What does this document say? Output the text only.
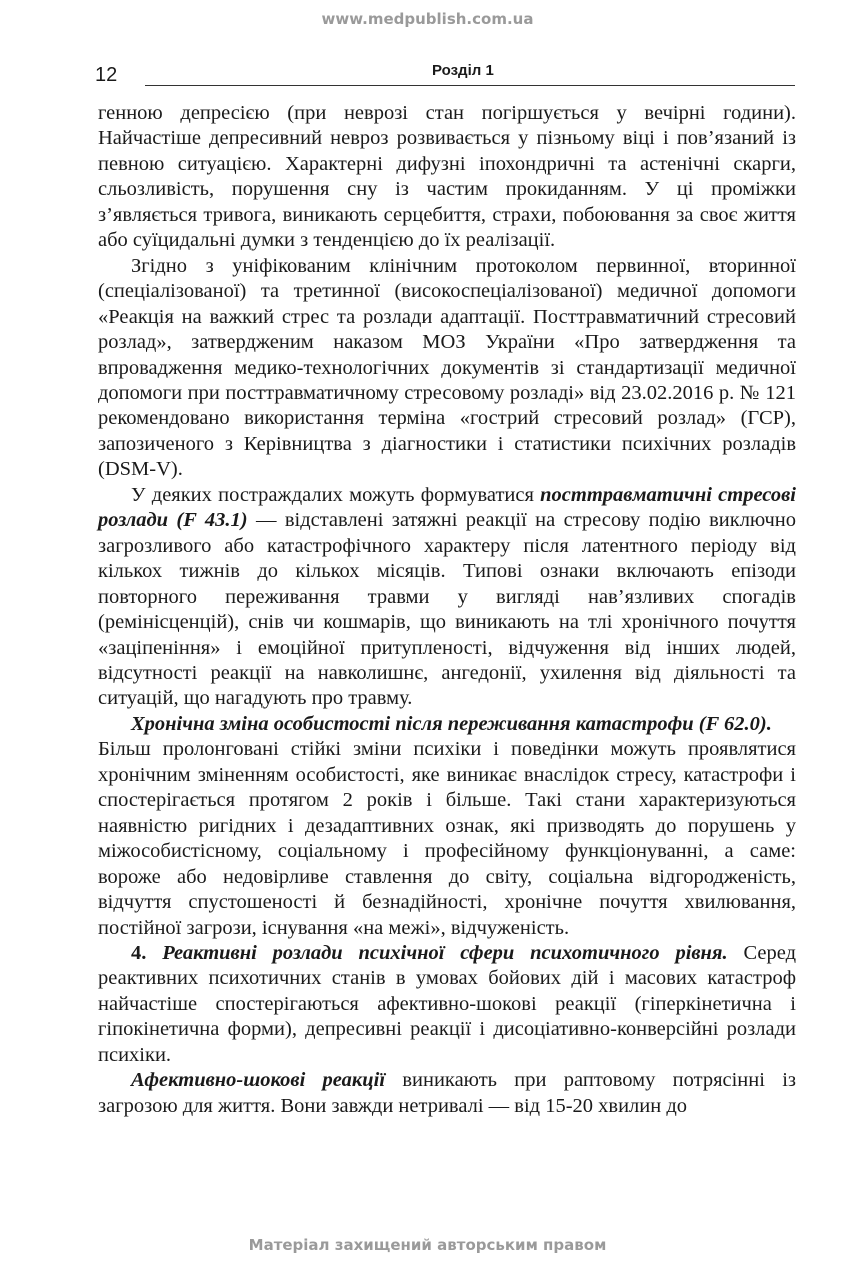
www.medpublish.com.ua
12	Розділ 1

генною депресією (при неврозі стан погіршується у вечірні години). Найчастіше депресивний невроз розвивається у пізньому віці і пов’язаний із певною ситуацією. Характерні дифузні іпохондричні та астенічні скарги, сльозливість, порушення сну із частим прокиданням. У ці проміжки з’являється тривога, виникають серцебиття, страхи, побоювання за своє життя або суїцидальні думки з тенденцією до їх реалізації.

Згідно з уніфікованим клінічним протоколом первинної, вторинної (спеціалізованої) та третинної (високоспеціалізованої) медичної допомоги «Реакція на важкий стрес та розлади адаптації. Посттравматичний стресовий розлад», затвердженим наказом МОЗ України «Про затвердження та впровадження медико-технологічних документів зі стандартизації медичної допомоги при посттравматичному стресовому розладі» від 23.02.2016 р. № 121 рекомендовано використання терміна «гострий стресовий розлад» (ГСР), запозиченого з Керівництва з діагностики і статистики психічних розладів (DSM-V).

У деяких постраждалих можуть формуватися посттравматичні стресові розлади (F 43.1) — відставлені затяжні реакції на стресову подію виключно загрозливого або катастрофічного характеру після латентного періоду від кількох тижнів до кількох місяців. Типові ознаки включають епізоди повторного переживання травми у вигляді нав’язливих спогадів (ремінісценцій), снів чи кошмарів, що виникають на тлі хронічного почуття «заціпеніння» і емоційної притупленості, відчуження від інших людей, відсутності реакції на навколишнє, ангедонії, ухилення від діяльності та ситуацій, що нагадують про травму.

Хронічна зміна особистості після переживання катастрофи (F 62.0).

Більш пролонговані стійкі зміни психіки і поведінки можуть проявлятися хронічним зміненням особистості, яке виникає внаслідок стресу, катастрофи і спостерігається протягом 2 років і більше. Такі стани характеризуються наявністю ригідних і дезадаптивних ознак, які призводять до порушень у міжособистісному, соціальному і професійному функціонуванні, а саме: вороже або недовірливе ставлення до світу, соціальна відгородженість, відчуття спустошеності й безнадійності, хронічне почуття хвилювання, постійної загрози, існування «на межі», відчуженість.

4. Реактивні розлади психічної сфери психотичного рівня. Серед реактивних психотичних станів в умовах бойових дій і масових катастроф найчастіше спостерігаються афективно-шокові реакції (гіперкінетична і гіпокінетична форми), депресивні реакції і дисоціативно-конверсійні розлади психіки.

Афективно-шокові реакції виникають при раптовому потрясінні із загрозою для життя. Вони завжди нетривалі — від 15-20 хвилин до

Матеріал захищений авторським правом
